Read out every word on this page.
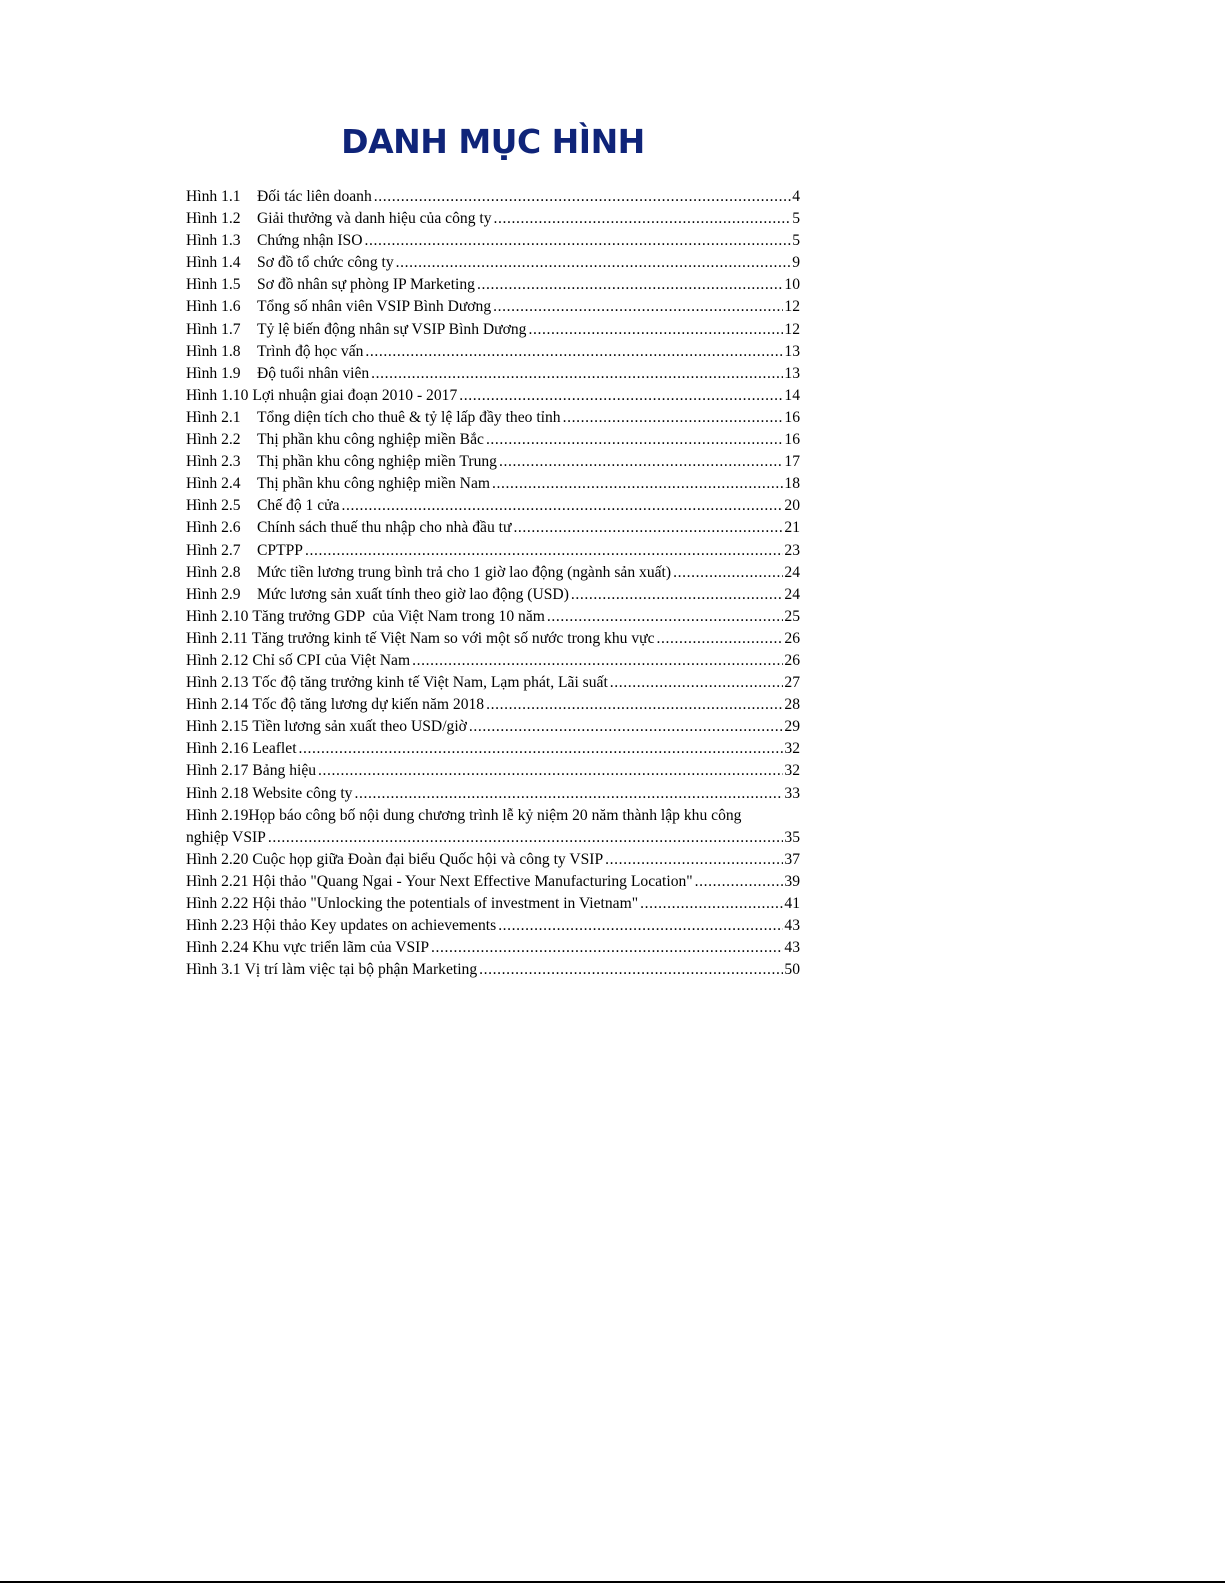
DANH MỤC HÌNH
Hình 1.1	Đối tác liên doanh .....	4
Hình 1.2	Giải thưởng và danh hiệu của công ty .....	5
Hình 1.3	Chứng nhận ISO .....	5
Hình 1.4	Sơ đồ tổ chức công ty .....	9
Hình 1.5	Sơ đồ nhân sự phòng IP Marketing .....	10
Hình 1.6	Tổng số nhân viên VSIP Bình Dương .....	12
Hình 1.7	Tỷ lệ biến động nhân sự VSIP Bình Dương .....	12
Hình 1.8	Trình độ học vấn .....	13
Hình 1.9	Độ tuổi nhân viên .....	13
Hình 1.10 Lợi nhuận giai đoạn 2010 - 2017 .....	14
Hình 2.1	Tổng diện tích cho thuê & tỷ lệ lấp đầy theo tỉnh .....	16
Hình 2.2	Thị phần khu công nghiệp miền Bắc .....	16
Hình 2.3	Thị phần khu công nghiệp miền Trung .....	17
Hình 2.4	Thị phần khu công nghiệp miền Nam .....	18
Hình 2.5	Chế độ 1 cửa .....	20
Hình 2.6	Chính sách thuế thu nhập cho nhà đầu tư .....	21
Hình 2.7	CPTPP .....	23
Hình 2.8	Mức tiền lương trung bình trả cho 1 giờ lao động (ngành sản xuất) .....	24
Hình 2.9	Mức lương sản xuất tính theo giờ lao động (USD) .....	24
Hình 2.10 Tăng trưởng GDP  của Việt Nam trong 10 năm .....	25
Hình 2.11 Tăng trưởng kinh tế Việt Nam so với một số nước trong khu vực .....	26
Hình 2.12 Chỉ số CPI của Việt Nam .....	26
Hình 2.13 Tốc độ tăng trưởng kinh tế Việt Nam, Lạm phát, Lãi suất .....	27
Hình 2.14 Tốc độ tăng lương dự kiến năm 2018 .....	28
Hình 2.15 Tiền lương sản xuất theo USD/giờ .....	29
Hình 2.16 Leaflet .....	32
Hình 2.17 Bảng hiệu .....	32
Hình 2.18 Website công ty .....	33
Hình 2.19 Họp báo công bố nội dung chương trình lễ kỷ niệm 20 năm thành lập khu công
nghiệp VSIP .....	35
Hình 2.20 Cuộc họp giữa Đoàn đại biểu Quốc hội và công ty VSIP .....	37
Hình 2.21 Hội thảo "Quang Ngai - Your Next Effective Manufacturing Location" .....	39
Hình 2.22 Hội thảo "Unlocking the potentials of investment in Vietnam" .....	41
Hình 2.23 Hội thảo Key updates on achievements .....	43
Hình 2.24 Khu vực triển lãm của VSIP .....	43
Hình 3.1 Vị trí làm việc tại bộ phận Marketing .....	50
